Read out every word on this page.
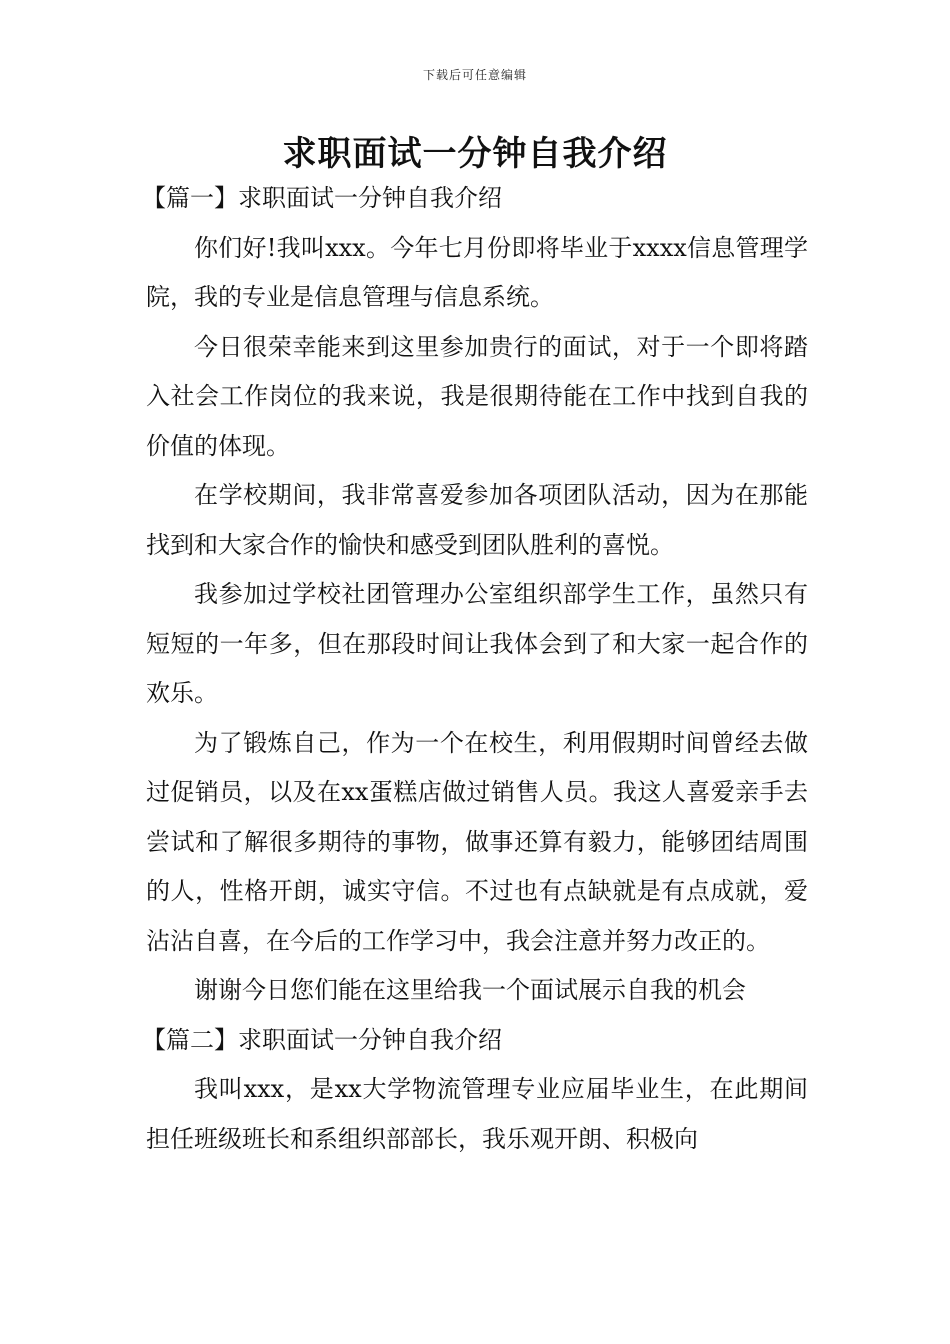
下载后可任意编辑
求职面试一分钟自我介绍

【篇一】求职面试一分钟自我介绍

你们好!我叫xxx。今年七月份即将毕业于xxxx信息管理学院，我的专业是信息管理与信息系统。

今日很荣幸能来到这里参加贵行的面试，对于一个即将踏入社会工作岗位的我来说，我是很期待能在工作中找到自我的价值的体现。

在学校期间，我非常喜爱参加各项团队活动，因为在那能找到和大家合作的愉快和感受到团队胜利的喜悦。

我参加过学校社团管理办公室组织部学生工作，虽然只有短短的一年多，但在那段时间让我体会到了和大家一起合作的欢乐。

为了锻炼自己，作为一个在校生，利用假期时间曾经去做过促销员，以及在xx蛋糕店做过销售人员。我这人喜爱亲手去尝试和了解很多期待的事物，做事还算有毅力，能够团结周围的人，性格开朗，诚实守信。不过也有点缺就是有点成就，爱沾沾自喜，在今后的工作学习中，我会注意并努力改正的。

谢谢今日您们能在这里给我一个面试展示自我的机会

【篇二】求职面试一分钟自我介绍

我叫xxx，是xx大学物流管理专业应届毕业生，在此期间担任班级班长和系组织部部长，我乐观开朗、积极向
